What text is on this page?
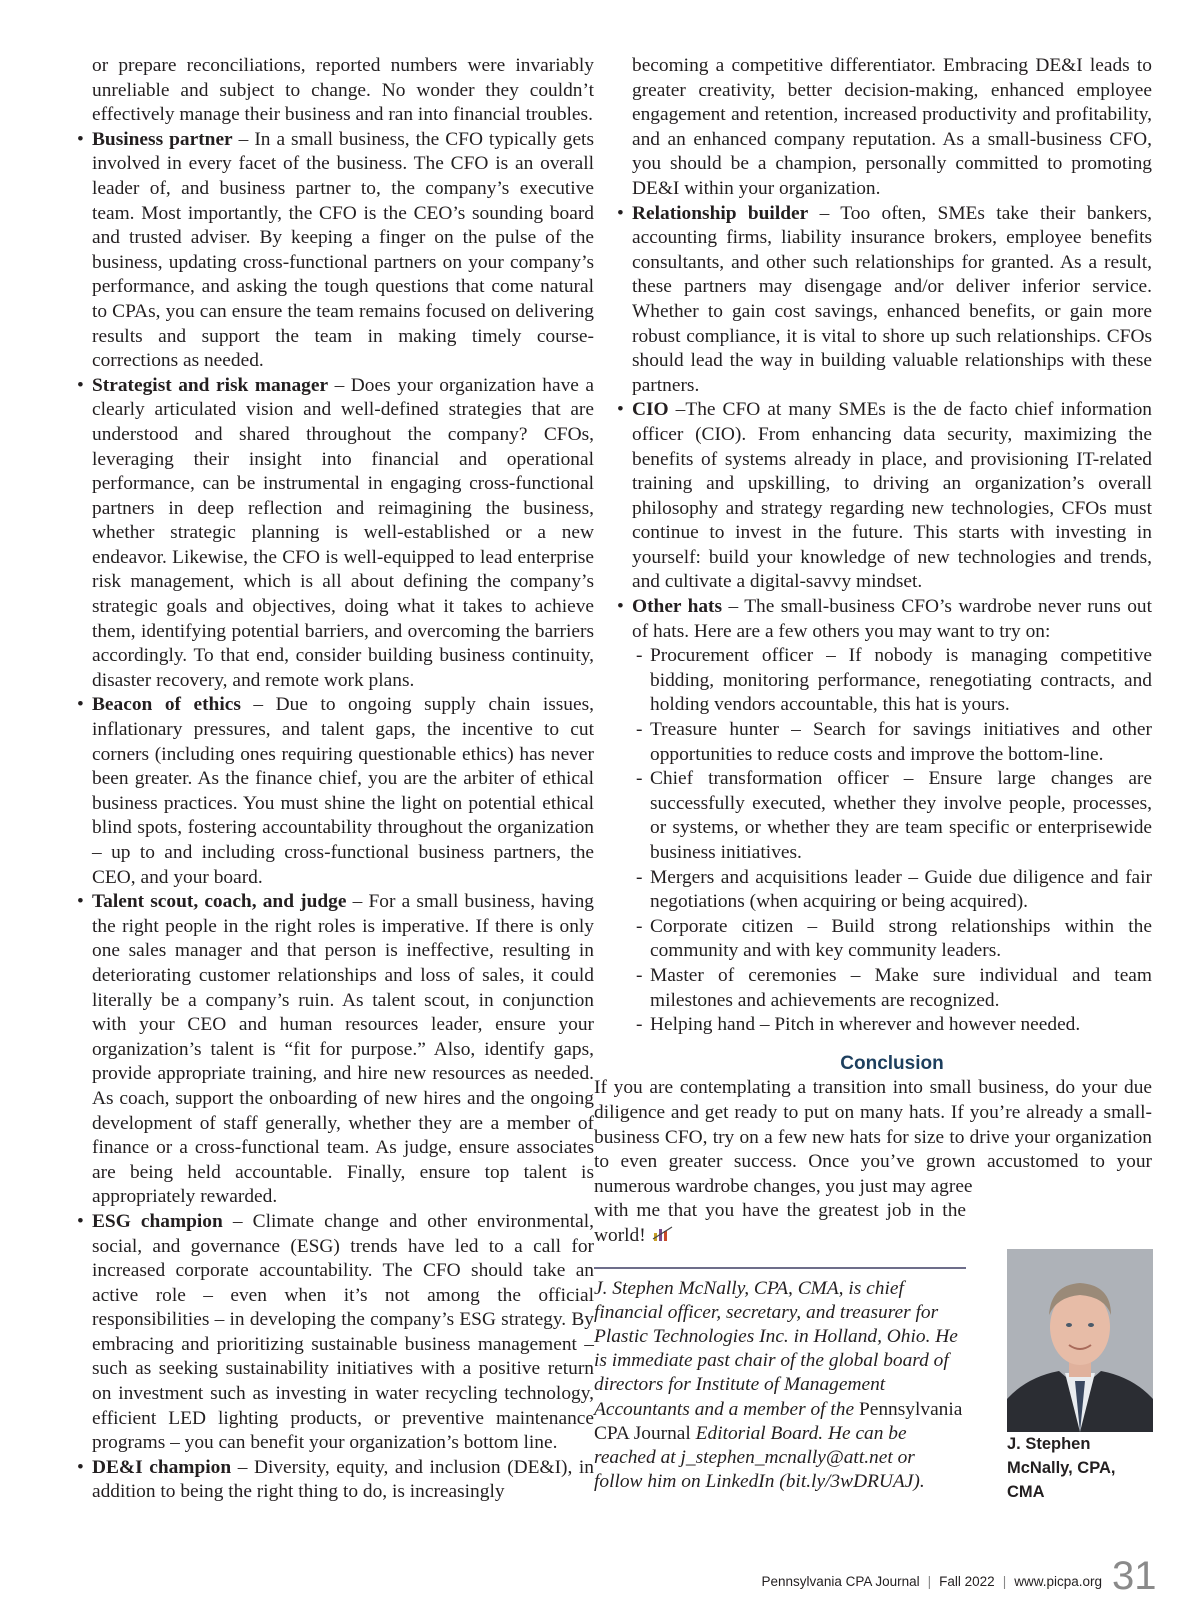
or prepare reconciliations, reported numbers were invariably unreliable and subject to change. No wonder they couldn’t effectively manage their business and ran into financial troubles.

• Business partner – In a small business, the CFO typically gets involved in every facet of the business. The CFO is an overall leader of, and business partner to, the company’s executive team. Most importantly, the CFO is the CEO’s sounding board and trusted adviser. By keeping a finger on the pulse of the business, updating cross-functional partners on your company’s performance, and asking the tough questions that come natural to CPAs, you can ensure the team remains focused on delivering results and support the team in making timely course-corrections as needed.
• Strategist and risk manager – Does your organization have a clearly articulated vision and well-defined strategies that are understood and shared throughout the company? CFOs, leveraging their insight into financial and operational performance, can be instrumental in engaging cross-functional partners in deep reflection and reimagining the business, whether strategic planning is well-established or a new endeavor. Likewise, the CFO is well-equipped to lead enterprise risk management, which is all about defining the company’s strategic goals and objectives, doing what it takes to achieve them, identifying potential barriers, and overcoming the barriers accordingly. To that end, consider building business continuity, disaster recovery, and remote work plans.
• Beacon of ethics – Due to ongoing supply chain issues, inflationary pressures, and talent gaps, the incentive to cut corners (including ones requiring questionable ethics) has never been greater. As the finance chief, you are the arbiter of ethical business practices. You must shine the light on potential ethical blind spots, fostering accountability throughout the organization – up to and including cross-functional business partners, the CEO, and your board.
• Talent scout, coach, and judge – For a small business, having the right people in the right roles is imperative. If there is only one sales manager and that person is ineffective, resulting in deteriorating customer relationships and loss of sales, it could literally be a company’s ruin. As talent scout, in conjunction with your CEO and human resources leader, ensure your organization’s talent is “fit for purpose.” Also, identify gaps, provide appropriate training, and hire new resources as needed. As coach, support the onboarding of new hires and the ongoing development of staff generally, whether they are a member of finance or a cross-functional team. As judge, ensure associates are being held accountable. Finally, ensure top talent is appropriately rewarded.
• ESG champion – Climate change and other environmental, social, and governance (ESG) trends have led to a call for increased corporate accountability. The CFO should take an active role – even when it’s not among the official responsibilities – in developing the company’s ESG strategy. By embracing and prioritizing sustainable business management – such as seeking sustainability initiatives with a positive return on investment such as investing in water recycling technology, efficient LED lighting products, or preventive maintenance programs – you can benefit your organization’s bottom line.
• DE&I champion – Diversity, equity, and inclusion (DE&I), in addition to being the right thing to do, is increasingly

becoming a competitive differentiator. Embracing DE&I leads to greater creativity, better decision-making, enhanced employee engagement and retention, increased productivity and profitability, and an enhanced company reputation. As a small-business CFO, you should be a champion, personally committed to promoting DE&I within your organization.

• Relationship builder – Too often, SMEs take their bankers, accounting firms, liability insurance brokers, employee benefits consultants, and other such relationships for granted. As a result, these partners may disengage and/or deliver inferior service. Whether to gain cost savings, enhanced benefits, or gain more robust compliance, it is vital to shore up such relationships. CFOs should lead the way in building valuable relationships with these partners.
• CIO –The CFO at many SMEs is the de facto chief information officer (CIO). From enhancing data security, maximizing the benefits of systems already in place, and provisioning IT-related training and upskilling, to driving an organization’s overall philosophy and strategy regarding new technologies, CFOs must continue to invest in the future. This starts with investing in yourself: build your knowledge of new technologies and trends, and cultivate a digital-savvy mindset.
• Other hats – The small-business CFO’s wardrobe never runs out of hats. Here are a few others you may want to try on:
- Procurement officer – If nobody is managing competitive bidding, monitoring performance, renegotiating contracts, and holding vendors accountable, this hat is yours.
- Treasure hunter – Search for savings initiatives and other opportunities to reduce costs and improve the bottom-line.
- Chief transformation officer – Ensure large changes are successfully executed, whether they involve people, processes, or systems, or whether they are team specific or enterprisewide business initiatives.
- Mergers and acquisitions leader – Guide due diligence and fair negotiations (when acquiring or being acquired).
- Corporate citizen – Build strong relationships within the community and with key community leaders.
- Master of ceremonies – Make sure individual and team milestones and achievements are recognized.
- Helping hand – Pitch in wherever and however needed.
Conclusion

If you are contemplating a transition into small business, do your due diligence and get ready to put on many hats. If you’re already a small-business CFO, try on a few new hats for size to drive your organization to even greater success. Once you’ve grown accustomed to your numerous wardrobe changes, you just may agree

with me that you have the greatest job in the world!

J. Stephen McNally, CPA, CMA, is chief financial officer, secretary, and treasurer for Plastic Technologies Inc. in Holland, Ohio. He is immediate past chair of the global board of directors for Institute of Management Accountants and a member of the Pennsylvania CPA Journal Editorial Board. He can be reached at j_stephen_mcnally@att.net or follow him on LinkedIn (bit.ly/3wDRUAJ).

J. Stephen McNally, CPA, CMA
Pennsylvania CPA Journal | Fall 2022 | www.picpa.org 31
